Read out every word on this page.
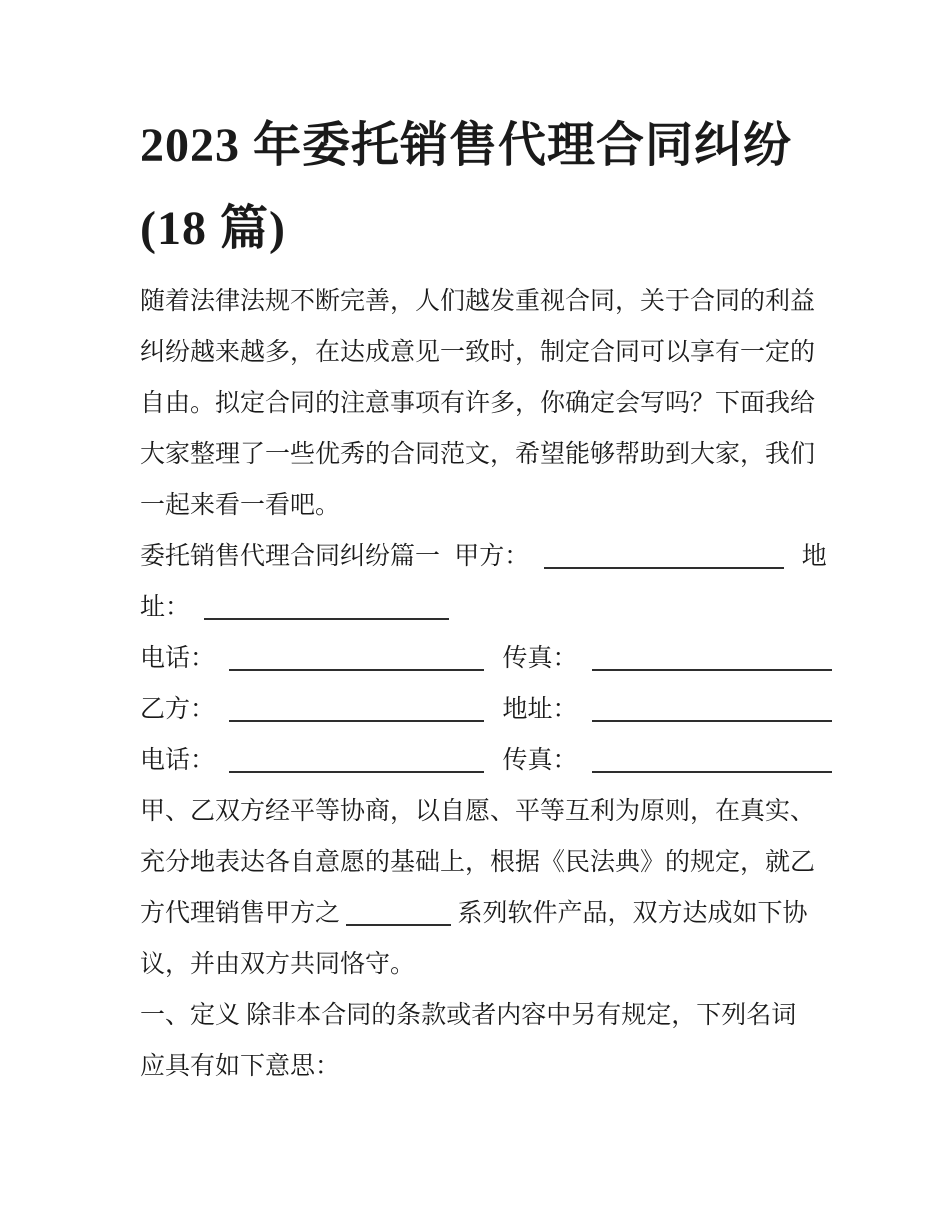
2023 年委托销售代理合同纠纷
(18 篇)
随着法律法规不断完善，人们越发重视合同，关于合同的利益
纠纷越来越多，在达成意见一致时，制定合同可以享有一定的
自由。拟定合同的注意事项有许多，你确定会写吗？下面我给
大家整理了一些优秀的合同范文，希望能够帮助到大家，我们
一起来看一看吧。
委托销售代理合同纠纷篇一 甲方：	地
址：
电话：	传真：
乙方：	地址：
电话：	传真：
甲、乙双方经平等协商，以自愿、平等互利为原则，在真实、
充分地表达各自意愿的基础上，根据《民法典》的规定，就乙
方代理销售甲方之	系列软件产品，双方达成如下协
议，并由双方共同恪守。
一、定义 除非本合同的条款或者内容中另有规定，下列名词
应具有如下意思：
